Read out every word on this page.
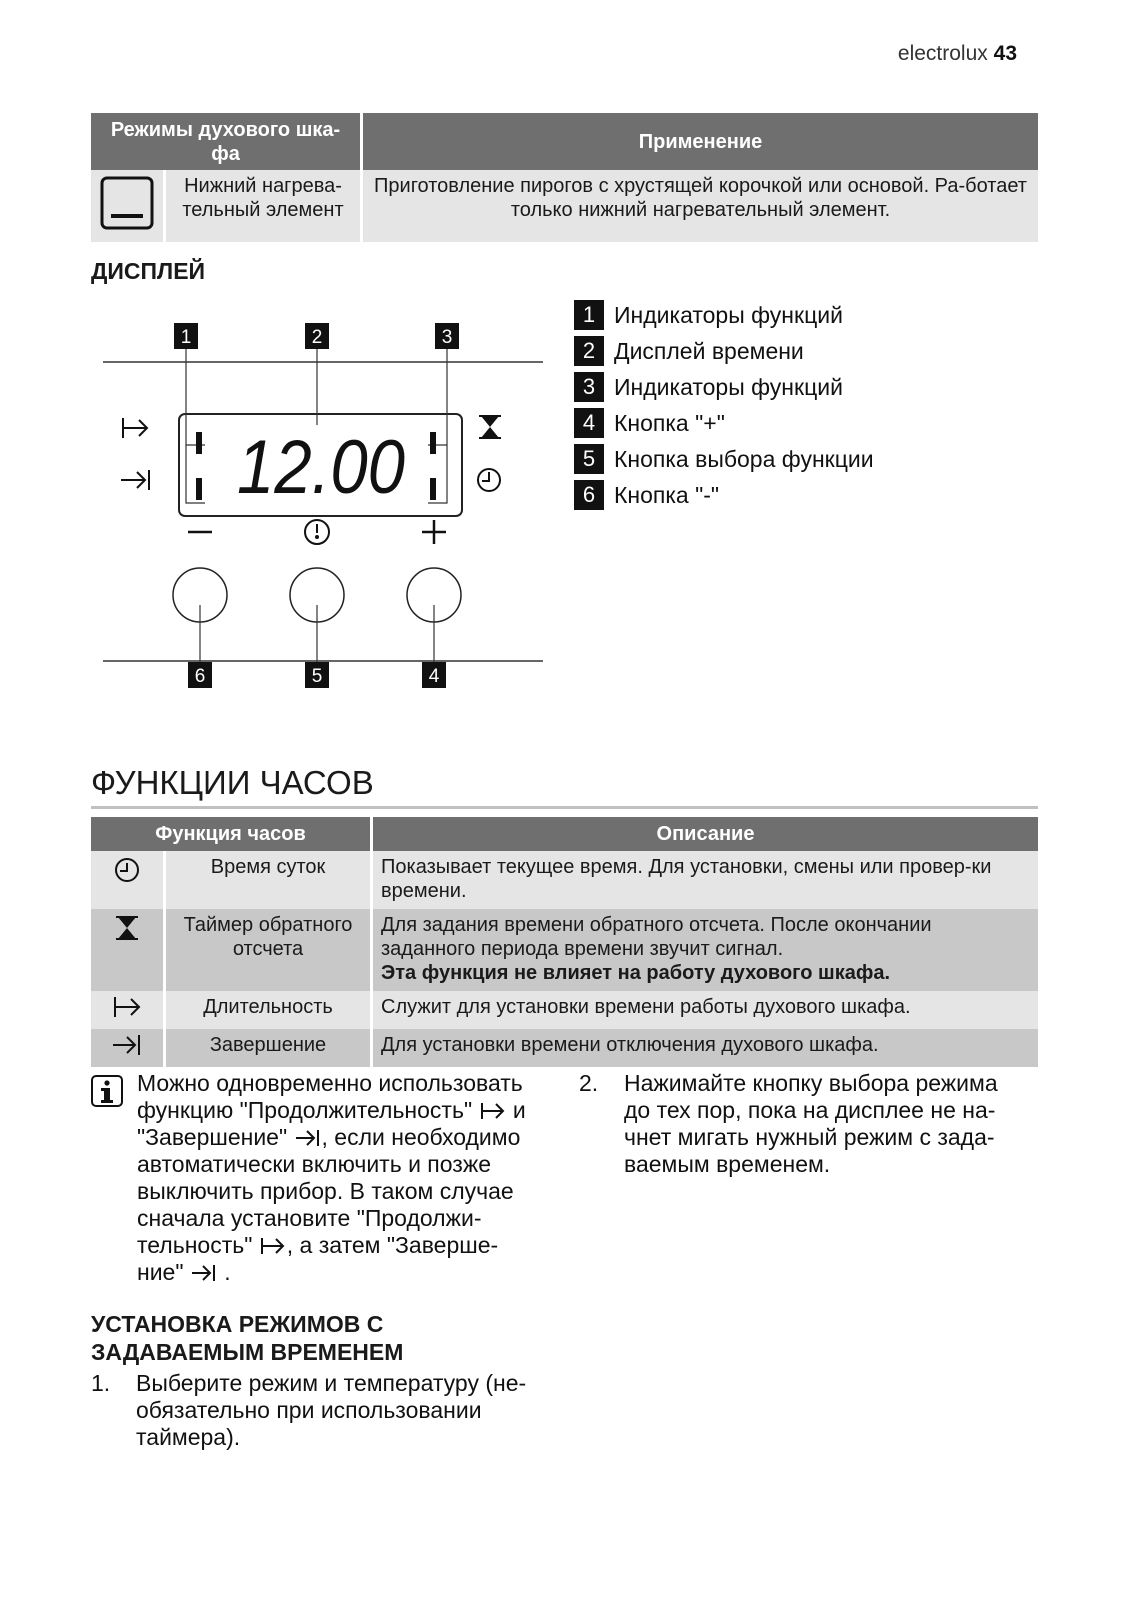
electrolux 43
Режимы духового шка-фа		Применение
	Нижний нагрева-тельный элемент	Приготовление пирогов с хрустящей корочкой или основой. Ра-ботает только нижний нагревательный элемент.
ДИСПЛЕЙ
1	2	3
12.00
6	5	4
1 Индикаторы функций
2 Дисплей времени
3 Индикаторы функций
4 Кнопка "+"
5 Кнопка выбора функции
6 Кнопка "-"
ФУНКЦИИ ЧАСОВ
Функция часов		Описание
	Время суток	Показывает текущее время. Для установки, смены или провер-ки времени.
	Таймер обратного отсчета	Для задания времени обратного отсчета. После окончании заданного периода времени звучит сигнал.
Эта функция не влияет на работу духового шкафа.
	Длительность	Служит для установки времени работы духового шкафа.
	Завершение	Для установки времени отключения духового шкафа.
Можно одновременно использовать
функцию "Продолжительность" и
"Завершение" , если необходимо
автоматически включить и позже
выключить прибор. В таком случае
сначала установите "Продолжи-
тельность" , а затем "Заверше-
ние" .
УСТАНОВКА РЕЖИМОВ С
ЗАДАВАЕМЫМ ВРЕМЕНЕМ
1.	Выберите режим и температуру (не-
обязательно при использовании
таймера).
2.	Нажимайте кнопку выбора режима
до тех пор, пока на дисплее не на-
чнет мигать нужный режим с зада-
ваемым временем.
